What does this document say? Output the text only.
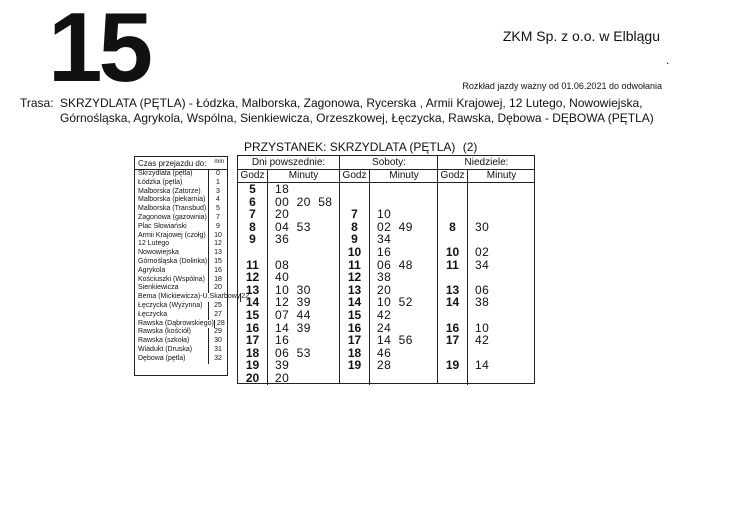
15	ZKM Sp. z o.o. w Elblągu
.
Rozkład jazdy ważny od 01.06.2021 do odwołania
Trasa: SKRZYDLATA (PĘTLA) - Łódzka, Malborska, Zagonowa, Rycerska , Armii Krajowej, 12 Lutego, Nowowiejska, Górnośląska, Agrykola, Wspólna, Sienkiewicza, Orzeszkowej, Łęczycka, Rawska, Dębowa - DĘBOWA (PĘTLA)
PRZYSTANEK: SKRZYDLATA (PĘTLA) (2)
Czas przejazdu do: min
Skrzydlata (pętla)	0
Łódzka (pętla)	1
Malborska (Zatorze)	3
Malborska (piekarnia)	4
Malborska (Transbud)	5
Zagonowa (gazownia)	7
Plac Słowiański	9
Armii Krajowej (czołg)	10
12 Lutego	12
Nowowiejska	13
Górnośląska (Dolinka) 15
Agrykola	16
Kościuszki (Wspólna)	18
Sienkiewicza	20
Bema (Mickiewicza)-U.Skarbowy 22
Łęczycka (Wyżynna)	25
Łęczycka	27
Rawska (Dąbrowskiego) 28
Rawska (kościół)	29
Rawska (szkoła)	30
Wiadukt (Druska)	31
Dębowa (pętla)	32
Dni powszednie:
Godz	Minuty
5	18
6	00  20  58
7	20
8	04  53
9	36
11	08
12	40
13	10  30
14	12  39
15	07  44
16	14  39
17	16
18	06  53
19	39
20	20
Soboty:
Godz	Minuty
7	10
8	02  49
9	34
10	16
11	06  48
12	38
13	20
14	10  52
15	42
16	24
17	14  56
18	46
19	28
Niedziele:
Godz	Minuty
8	30
10	02
11	34
13	06
14	38
16	10
17	42
19	14
